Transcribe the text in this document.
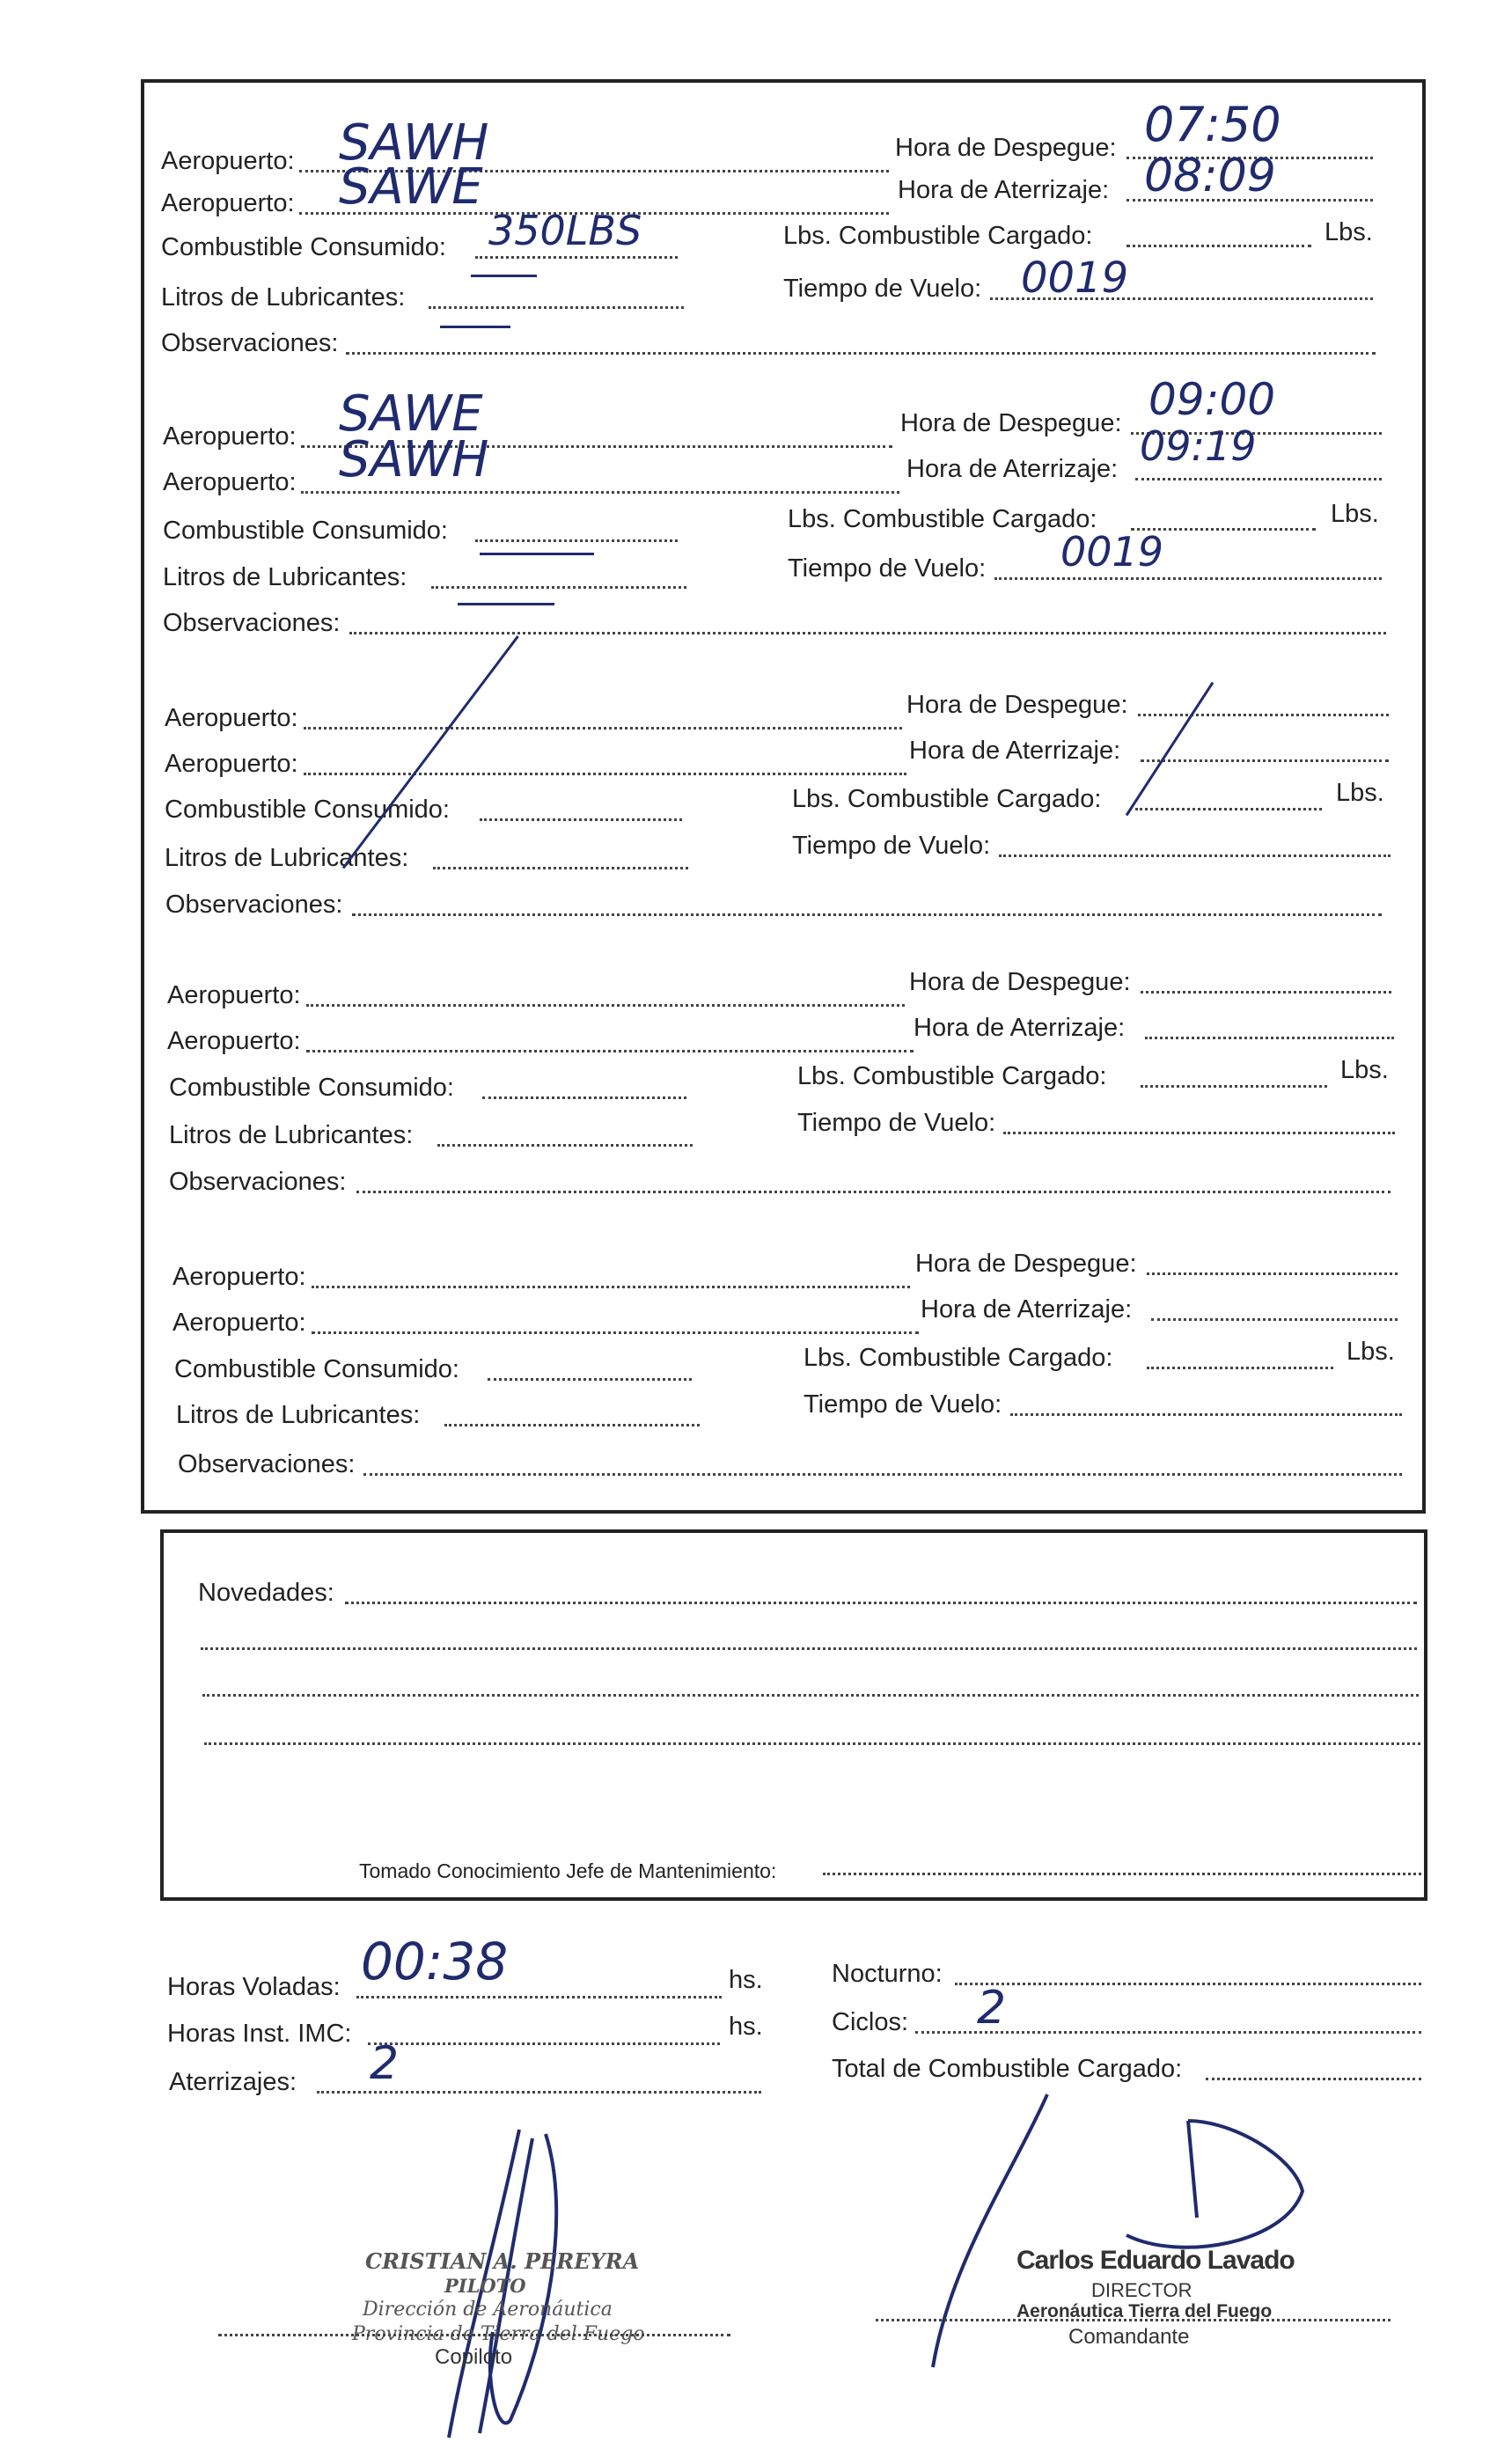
Aeropuerto: SAWH	Hora de Despegue: 07:50
Aeropuerto: SAWE	Hora de Aterrizaje: 08:09
Combustible Consumido: 350LBS	Lbs. Combustible Cargado:	Lbs.
Litros de Lubricantes:	Tiempo de Vuelo: 0019
Observaciones:
Aeropuerto: SAWE	Hora de Despegue: 09:00
Aeropuerto: SAWH	Hora de Aterrizaje: 09:19
Combustible Consumido:	Lbs. Combustible Cargado:	Lbs.
Litros de Lubricantes:	Tiempo de Vuelo: 0019
Observaciones:
Aeropuerto:	Hora de Despegue:
Aeropuerto:	Hora de Aterrizaje:
Combustible Consumido:	Lbs. Combustible Cargado:	Lbs.
Litros de Lubricantes:	Tiempo de Vuelo:
Observaciones:
Aeropuerto:	Hora de Despegue:
Aeropuerto:	Hora de Aterrizaje:
Combustible Consumido:	Lbs. Combustible Cargado:	Lbs.
Litros de Lubricantes:	Tiempo de Vuelo:
Observaciones:
Aeropuerto:	Hora de Despegue:
Aeropuerto:	Hora de Aterrizaje:
Combustible Consumido:	Lbs. Combustible Cargado:	Lbs.
Litros de Lubricantes:	Tiempo de Vuelo:
Observaciones:
Novedades:
Tomado Conocimiento Jefe de Mantenimiento:
Horas Voladas: 00:38	hs.
Horas Inst. IMC:	hs.
Aterrizajes: 2
Nocturno:
Ciclos: 2
Total de Combustible Cargado:
CRISTIAN A. PEREYRA
PILOTO
Dirección de Aeronáutica
Provincia de Tierra del Fuego
Copiloto
Carlos Eduardo Lavado
DIRECTOR
Aeronáutica Tierra del Fuego
Comandante
